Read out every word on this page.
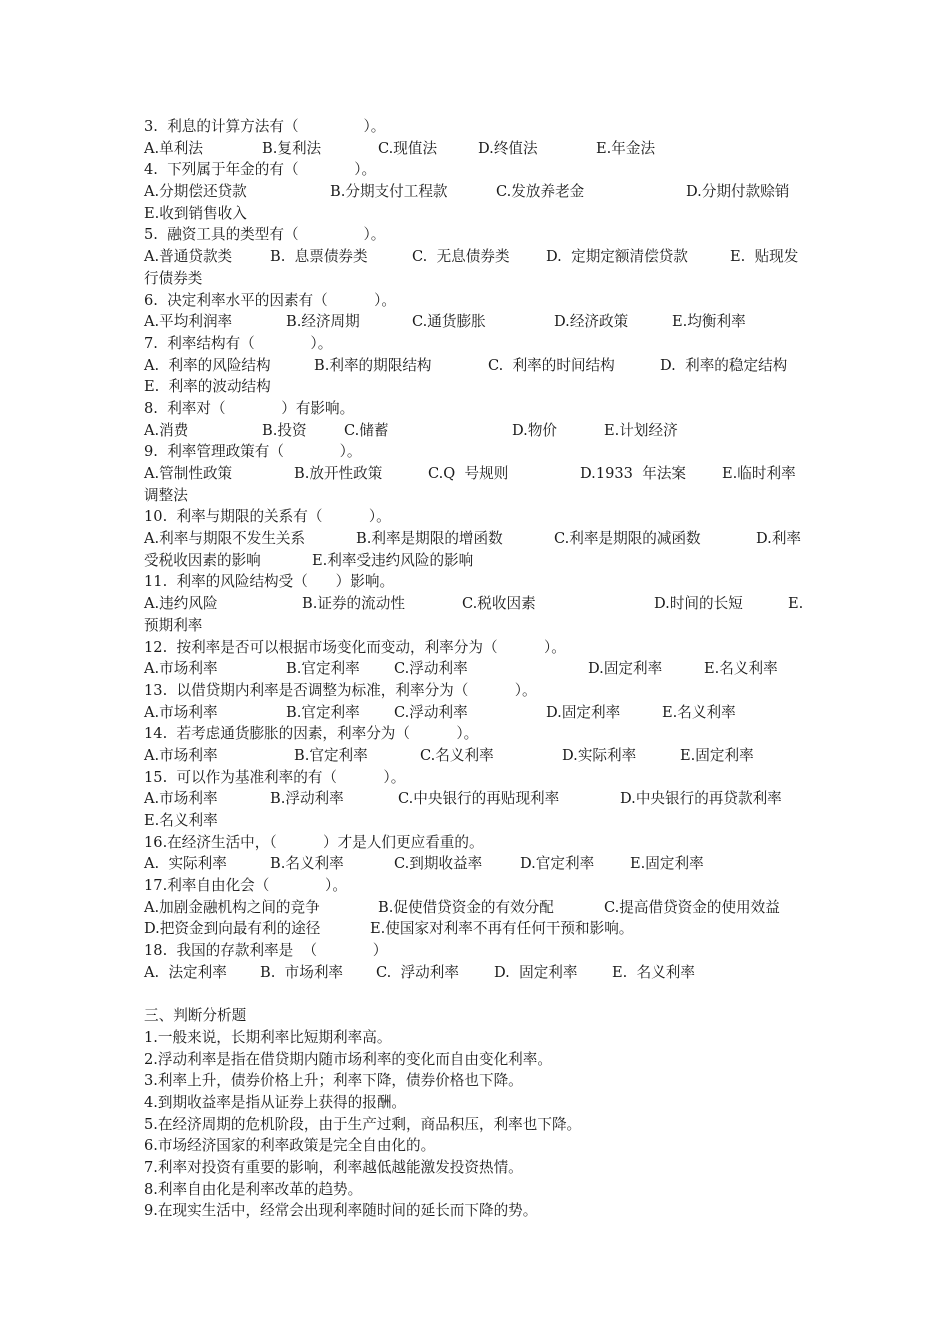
3.  利息的计算方法有（              ）。

A.单利法

	B.复利法

	C.现值法

	D.终值法

	E.年金法

4.  下列属于年金的有（            ）。

A.分期偿还贷款

	B.分期支付工程款

	C.发放养老金

	D.分期付款赊销

E.收到销售收入
5.  融资工具的类型有（              ）。

A.普通贷款类

	B.  息票债券类

	C.  无息债券类

D.  定期定额清偿贷款

	E.  贴现发

行债券类
6.  决定利率水平的因素有（          ）。

A.平均利润率

	B.经济周期

	C.通货膨胀

	D.经济政策

	E.均衡利率

7.  利率结构有（            ）。

A.  利率的风险结构

	B.利率的期限结构

	C.  利率的时间结构

	D.  利率的稳定结构

E.  利率的波动结构
8.  利率对（            ）有影响。

A.消费

	B.投资

	C.储蓄

	D.物价

	E.计划经济

9.  利率管理政策有（            ）。

A.管制性政策

	B.放开性政策

	C.Q  号规则

	D.1933  年法案

E.临时利率

调整法
10.  利率与期限的关系有（          ）。

A.利率与期限不发生关系

	B.利率是期限的增函数

	C.利率是期限的减函数

	D.利率

受税收因素的影响

	E.利率受违约风险的影响

11.  利率的风险结构受（      ）影响。

A.违约风险

	B.证券的流动性

	C.税收因素

	D.时间的长短

	E.

预期利率
12.  按利率是否可以根据市场变化而变动，利率分为（          ）。

A.市场利率

	B.官定利率

C.浮动利率

	D.固定利率

	E.名义利率

13.  以借贷期内利率是否调整为标准，利率分为（          ）。

A.市场利率

	B.官定利率

C.浮动利率

	D.固定利率

	E.名义利率

14.  若考虑通货膨胀的因素，利率分为（          ）。

A.市场利率

	B.官定利率

	C.名义利率

	D.实际利率

	E.固定利率

15.  可以作为基准利率的有（          ）。

A.市场利率

	B.浮动利率

	C.中央银行的再贴现利率

	D.中央银行的再贷款利率

E.名义利率
16.在经济生活中，（          ）才是人们更应看重的。

A.  实际利率

	B.名义利率

	C.到期收益率

	D.官定利率

E.固定利率

17.利率自由化会（            ）。

A.加剧金融机构之间的竞争

	B.促使借贷资金的有效分配

	C.提高借贷资金的使用效益

D.把资金到向最有利的途径

	E.使国家对利率不再有任何干预和影响。

18.  我国的存款利率是  （            ）

A.  法定利率

B.  市场利率

C.  浮动利率

D.  固定利率

E.  名义利率

三、判断分析题
1.一般来说，长期利率比短期利率高。
2.浮动利率是指在借贷期内随市场利率的变化而自由变化利率。
3.利率上升，债券价格上升；利率下降，债券价格也下降。
4.到期收益率是指从证券上获得的报酬。
5.在经济周期的危机阶段，由于生产过剩，商品积压，利率也下降。
6.市场经济国家的利率政策是完全自由化的。
7.利率对投资有重要的影响，利率越低越能激发投资热情。
8.利率自由化是利率改革的趋势。
9.在现实生活中，经常会出现利率随时间的延长而下降的势。
